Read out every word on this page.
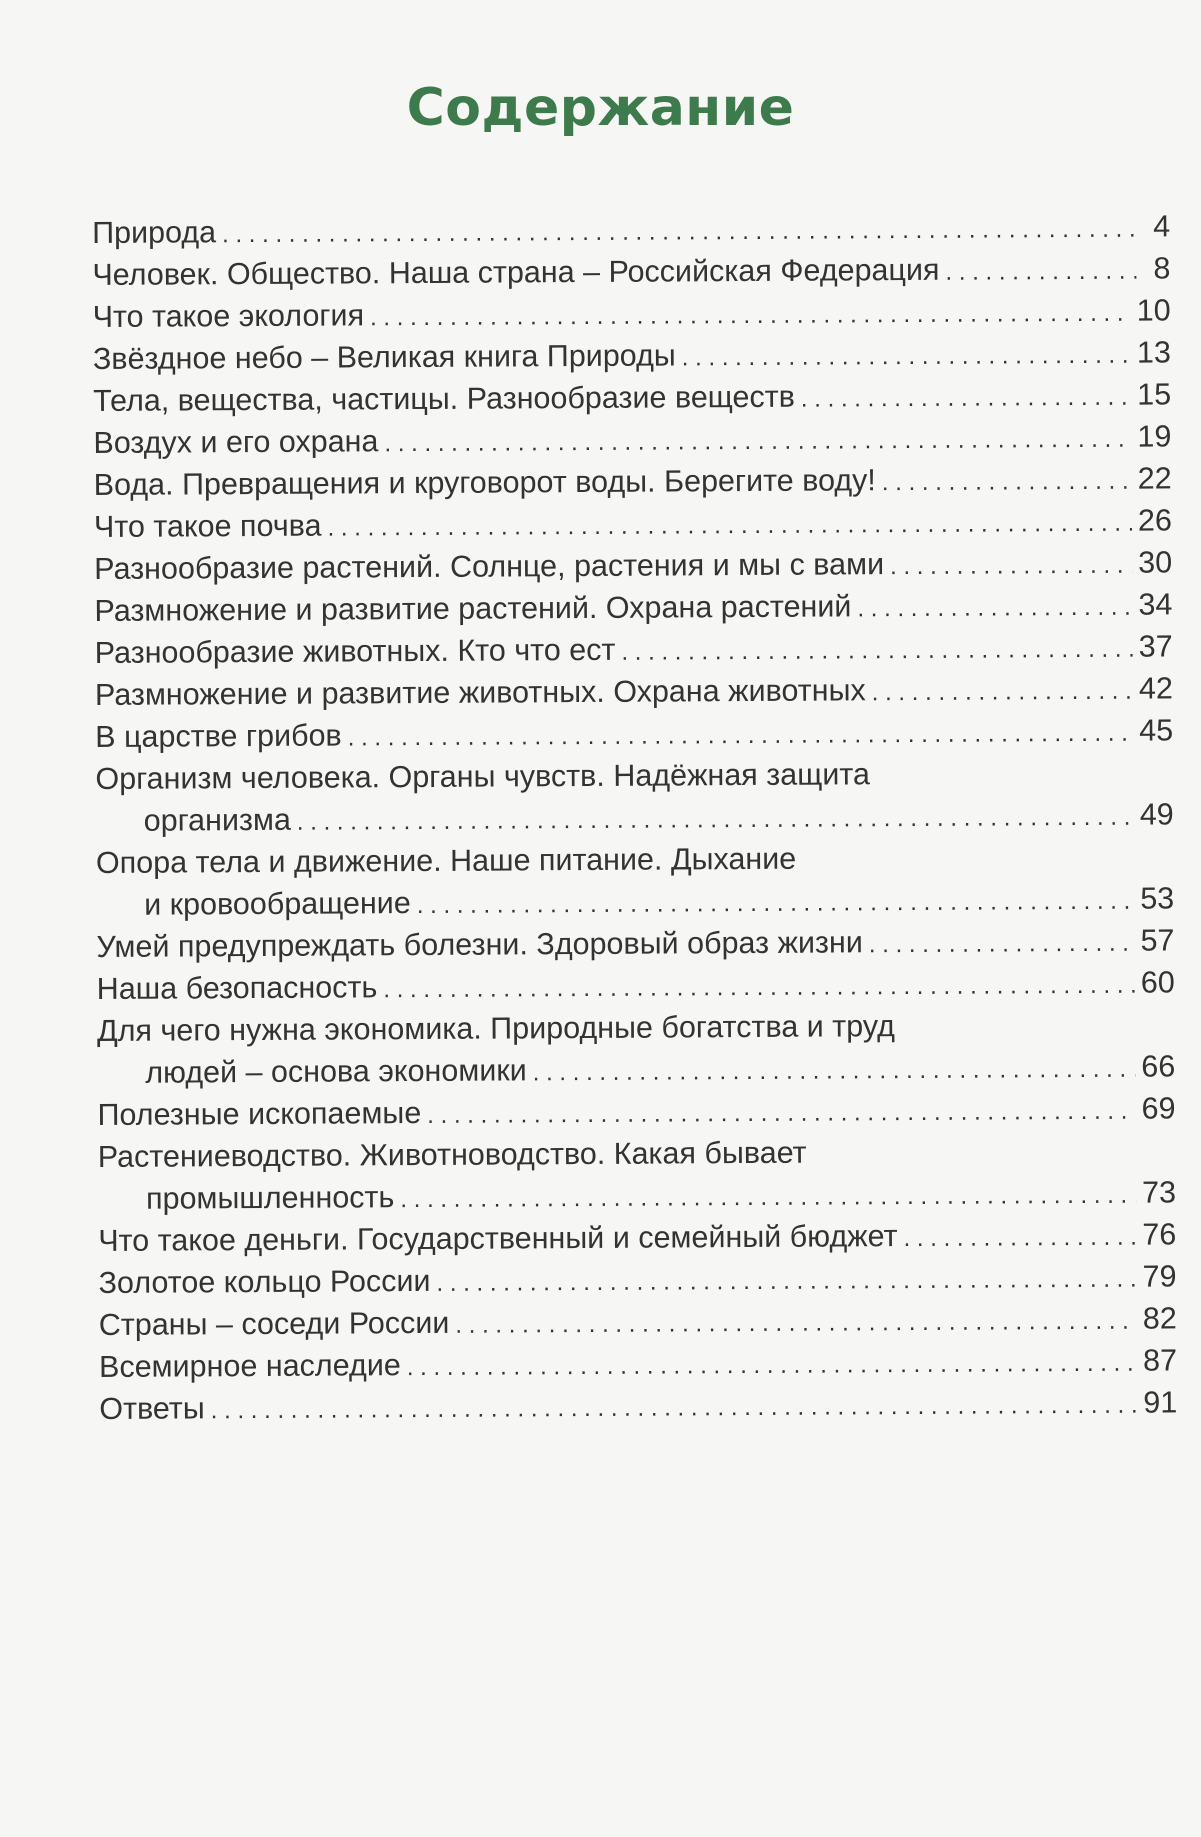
Содержание
Природа . . .	4
Человек. Общество. Наша страна – Российская Федерация . . .	8
Что такое экология . . .	10
Звёздное небо – Великая книга Природы . . .	13
Тела, вещества, частицы. Разнообразие веществ . . .	15
Воздух и его охрана . . .	19
Вода. Превращения и круговорот воды. Берегите воду! . . .	22
Что такое почва . . .	26
Разнообразие растений. Солнце, растения и мы с вами . . .	30
Размножение и развитие растений. Охрана растений . . .	34
Разнообразие животных. Кто что ест . . .	37
Размножение и развитие животных. Охрана животных . . .	42
В царстве грибов . . .	45
Организм человека. Органы чувств. Надёжная защита
организма . . .	49
Опора тела и движение. Наше питание. Дыхание
и кровообращение . . .	53
Умей предупреждать болезни. Здоровый образ жизни . . .	57
Наша безопасность . . .	60
Для чего нужна экономика. Природные богатства и труд
людей – основа экономики . . .	66
Полезные ископаемые . . .	69
Растениеводство. Животноводство. Какая бывает
промышленность . . .	73
Что такое деньги. Государственный и семейный бюджет . . .	76
Золотое кольцо России . . .	79
Страны – соседи России . . .	82
Всемирное наследие . . .	87
Ответы . . .	91
